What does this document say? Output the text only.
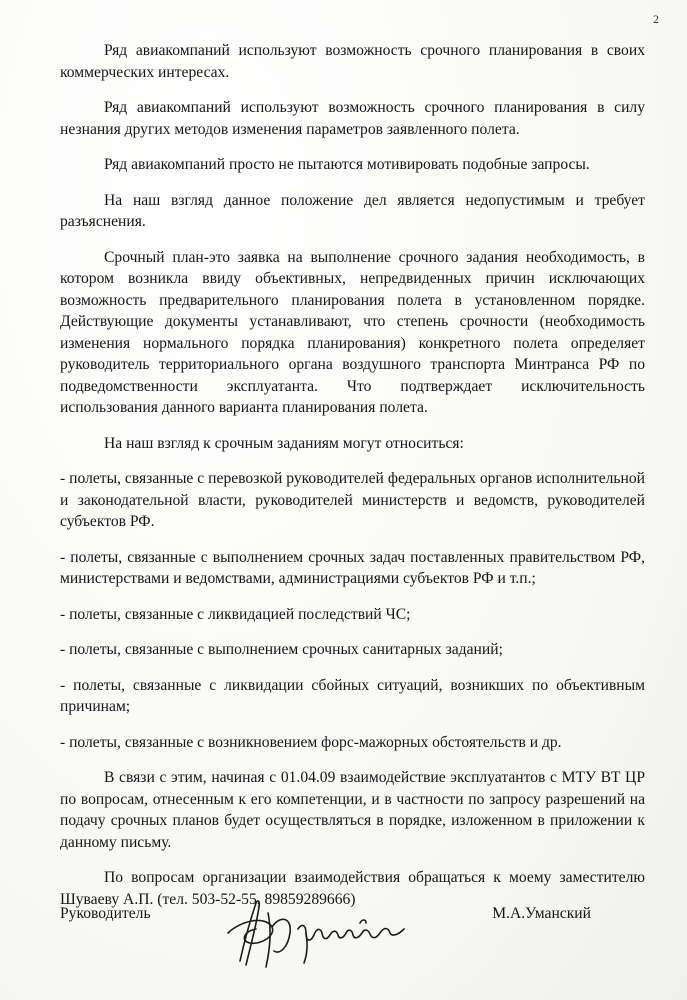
2

Ряд авиакомпаний используют возможность срочного планирования в своих коммерческих интересах.

Ряд авиакомпаний используют возможность срочного планирования в силу незнания других методов изменения параметров заявленного полета.

Ряд авиакомпаний просто не пытаются мотивировать подобные запросы.

На наш взгляд данное положение дел является недопустимым и требует разъяснения.

Срочный план-это заявка на выполнение срочного задания необходимость, в котором возникла ввиду объективных, непредвиденных причин исключающих возможность предварительного планирования полета в установленном порядке. Действующие документы устанавливают, что степень срочности (необходимость изменения нормального порядка планирования) конкретного полета определяет руководитель территориального органа воздушного транспорта Минтранса РФ по подведомственности эксплуатанта. Что подтверждает исключительность использования данного варианта планирования полета.

На наш взгляд к срочным заданиям могут относиться:

- полеты, связанные с перевозкой руководителей федеральных органов исполнительной и законодательной власти, руководителей министерств и ведомств, руководителей субъектов РФ.

- полеты, связанные с выполнением срочных задач поставленных правительством РФ, министерствами и ведомствами, администрациями субъектов РФ и т.п.;

- полеты, связанные с ликвидацией последствий ЧС;

- полеты, связанные с выполнением срочных санитарных заданий;

- полеты, связанные с ликвидации сбойных ситуаций, возникших по объективным причинам;

- полеты, связанные с возникновением форс-мажорных обстоятельств и др.

В связи с этим, начиная с 01.04.09 взаимодействие эксплуатантов с МТУ ВТ ЦР по вопросам, отнесенным к его компетенции, и в частности по запросу разрешений на подачу срочных планов будет осуществляться в порядке, изложенном в приложении к данному письму.

По вопросам организации взаимодействия обращаться к моему заместителю Шуваеву А.П. (тел. 503-52-55, 89859289666)

Руководитель	М.А.Уманский
